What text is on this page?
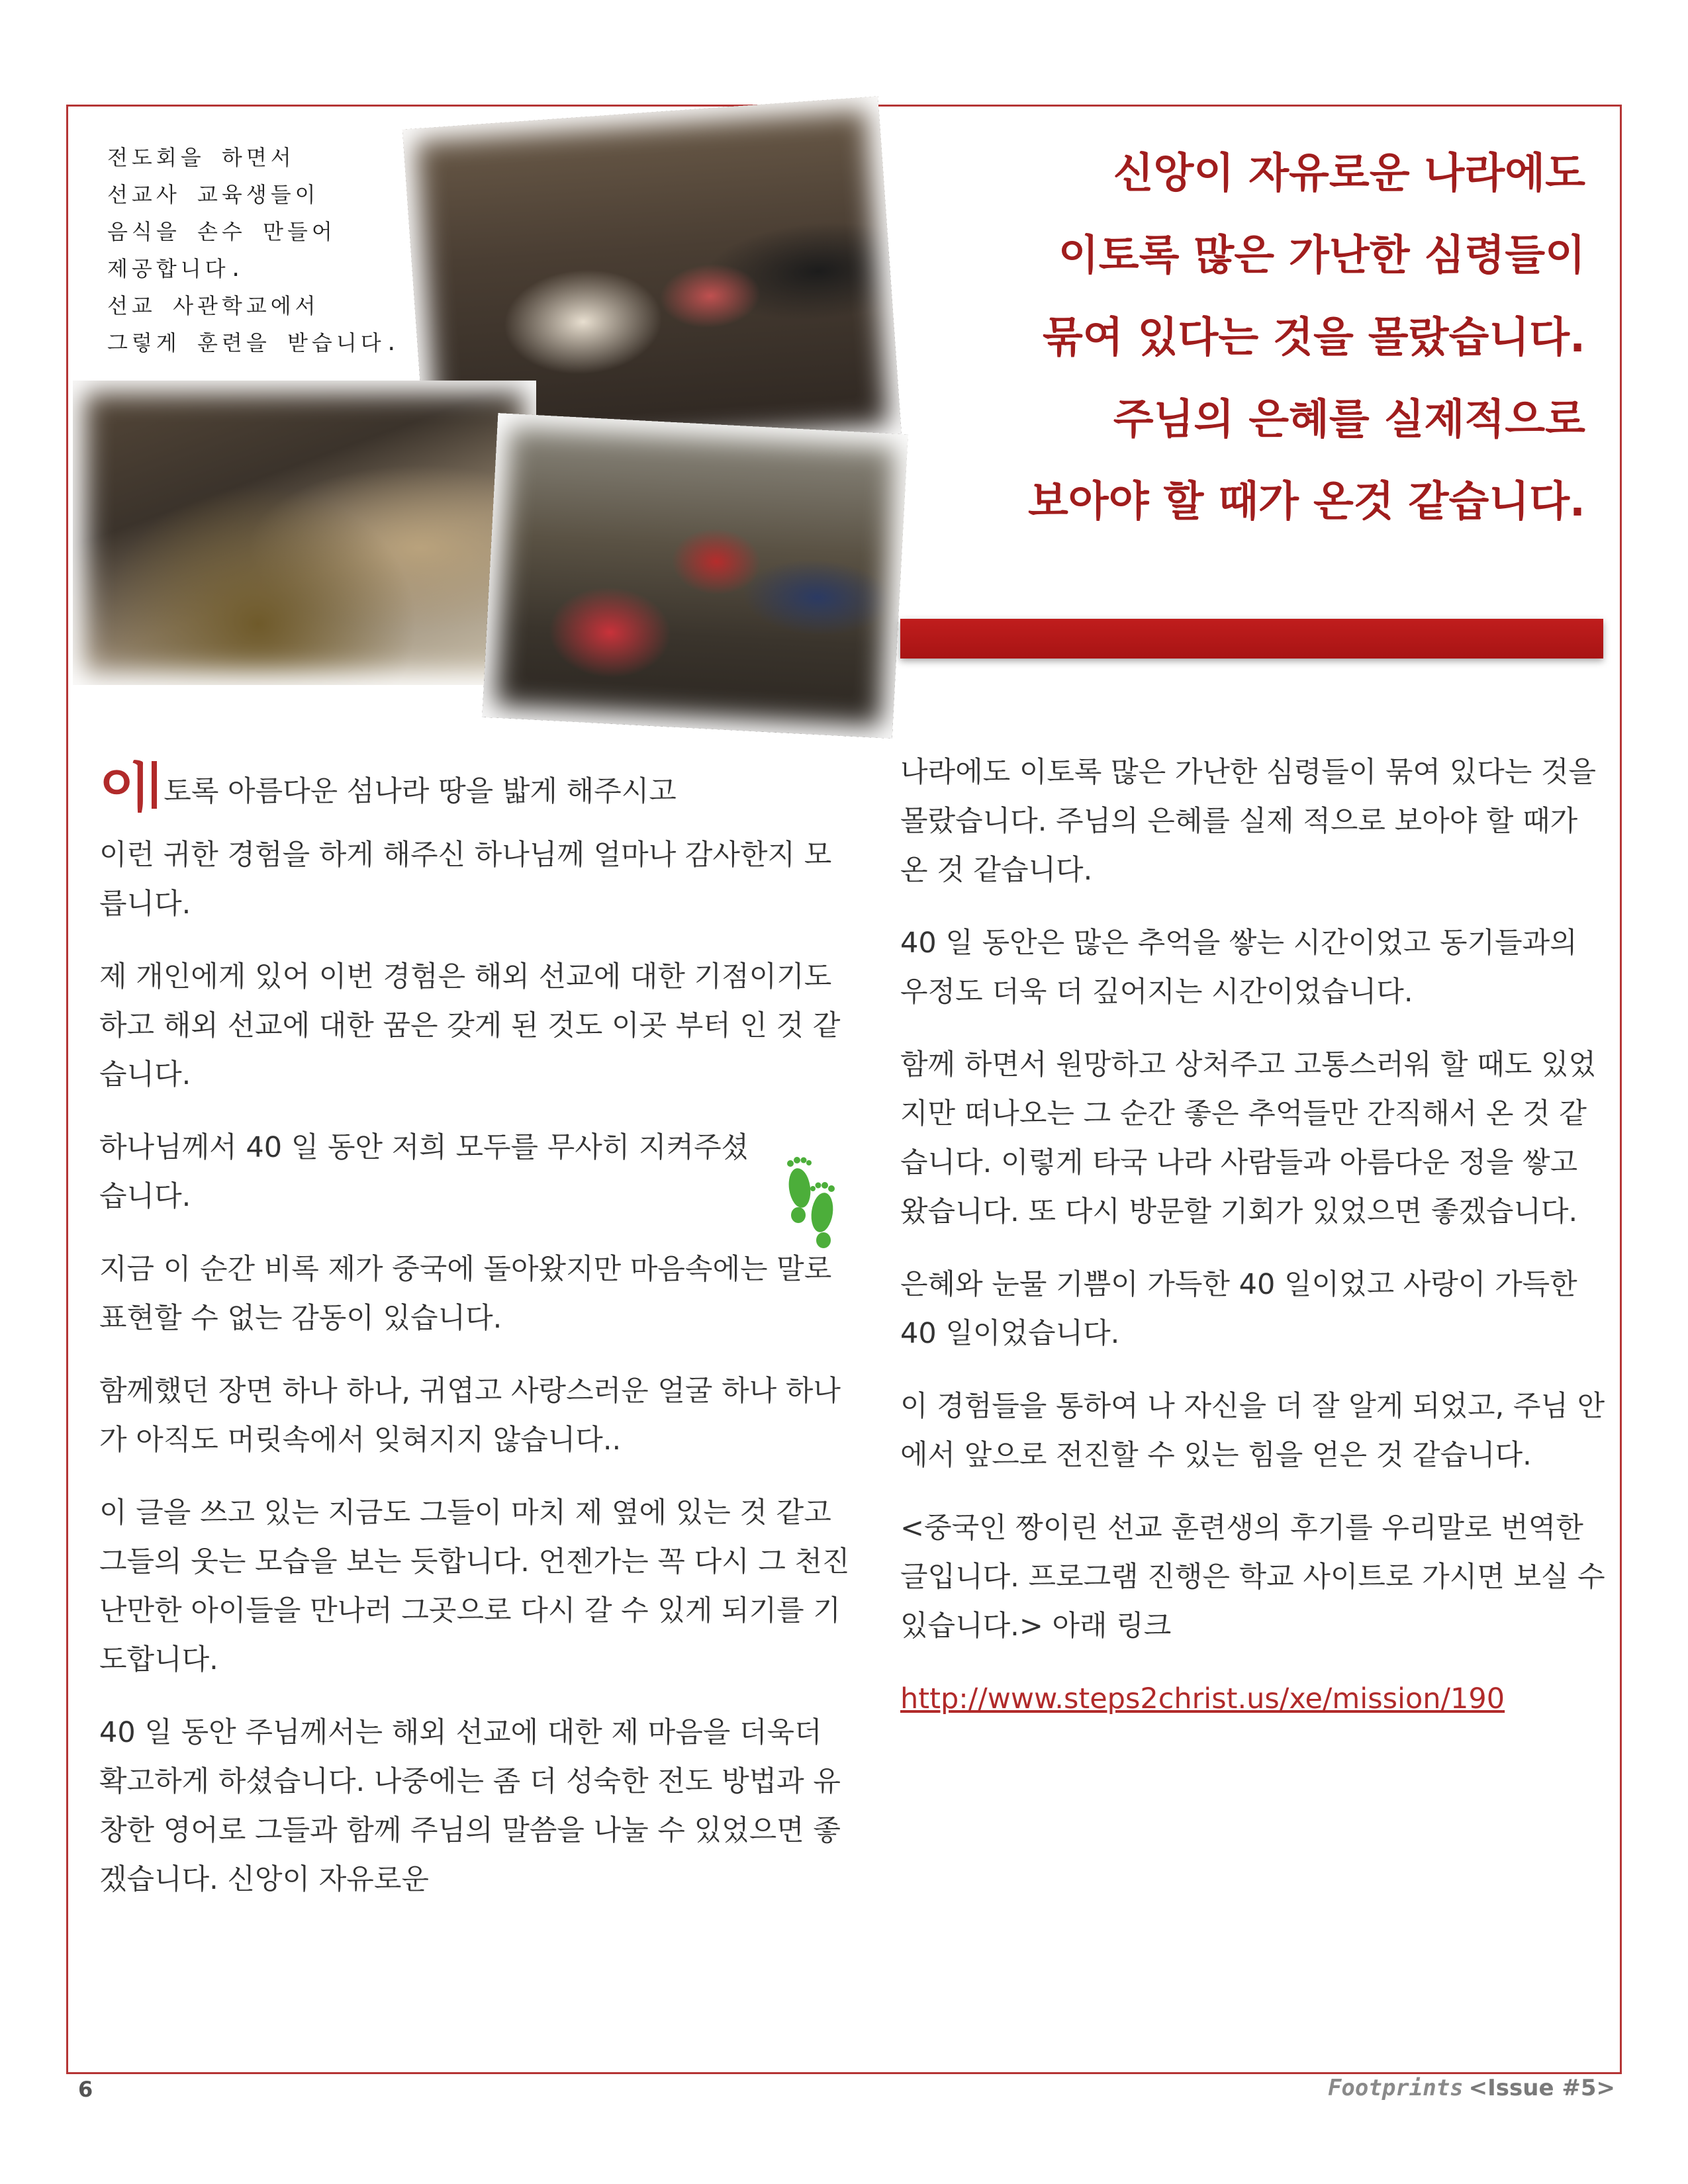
전도회을 하면서
선교사 교육생들이
음식을 손수 만들어
제공합니다.
선교 사관학교에서
그렇게 훈련을 받습니다.
신앙이 자유로운 나라에도
이토록 많은 가난한 심령들이
묶여 있다는 것을 몰랐습니다.
주님의 은혜를 실제적으로
보아야 할 때가 온것 같습니다.

이토록 아름다운 섬나라 땅을 밟게 해주시고

이런 귀한 경험을 하게 해주신 하나님께 얼마나 감사한지 모릅니다.

제 개인에게 있어 이번 경험은 해외 선교에 대한 기점이기도 하고 해외 선교에 대한 꿈은 갖게 된 것도 이곳 부터 인 것 같습니다.

하나님께서 40 일 동안 저희 모두를 무사히 지켜주셨습니다.

지금 이 순간 비록 제가 중국에 돌아왔지만 마음속에는 말로 표현할 수 없는 감동이 있습니다.

함께했던 장면 하나 하나, 귀엽고 사랑스러운 얼굴 하나 하나가 아직도 머릿속에서 잊혀지지 않습니다..

이 글을 쓰고 있는 지금도 그들이 마치 제 옆에 있는 것 같고 그들의 웃는 모습을 보는 듯합니다. 언젠가는 꼭 다시 그 천진난만한 아이들을 만나러 그곳으로 다시 갈 수 있게 되기를 기도합니다.

40 일 동안 주님께서는 해외 선교에 대한 제 마음을 더욱더 확고하게 하셨습니다. 나중에는 좀 더 성숙한 전도 방법과 유창한 영어로 그들과 함께 주님의 말씀을 나눌 수 있었으면 좋겠습니다. 신앙이 자유로운

나라에도 이토록 많은 가난한 심령들이 묶여 있다는 것을 몰랐습니다. 주님의 은혜를 실제 적으로 보아야 할 때가 온 것 같습니다.

40 일 동안은 많은 추억을 쌓는 시간이었고 동기들과의 우정도 더욱 더 깊어지는 시간이었습니다.

함께 하면서 원망하고 상처주고 고통스러워 할 때도 있었지만 떠나오는 그 순간 좋은 추억들만 간직해서 온 것 같습니다. 이렇게 타국 나라 사람들과 아름다운 정을 쌓고 왔습니다. 또 다시 방문할 기회가 있었으면 좋겠습니다.

은혜와 눈물 기쁨이 가득한 40 일이었고 사랑이 가득한 40 일이었습니다.

이 경험들을 통하여 나 자신을 더 잘 알게 되었고, 주님 안에서 앞으로 전진할 수 있는 힘을 얻은 것 같습니다.

<중국인 짱이린 선교 훈련생의 후기를 우리말로 번역한 글입니다. 프로그램 진행은 학교 사이트로 가시면 보실 수 있습니다.> 아래 링크

http://www.steps2christ.us/xe/mission/190

6	Footprints <Issue #5>
